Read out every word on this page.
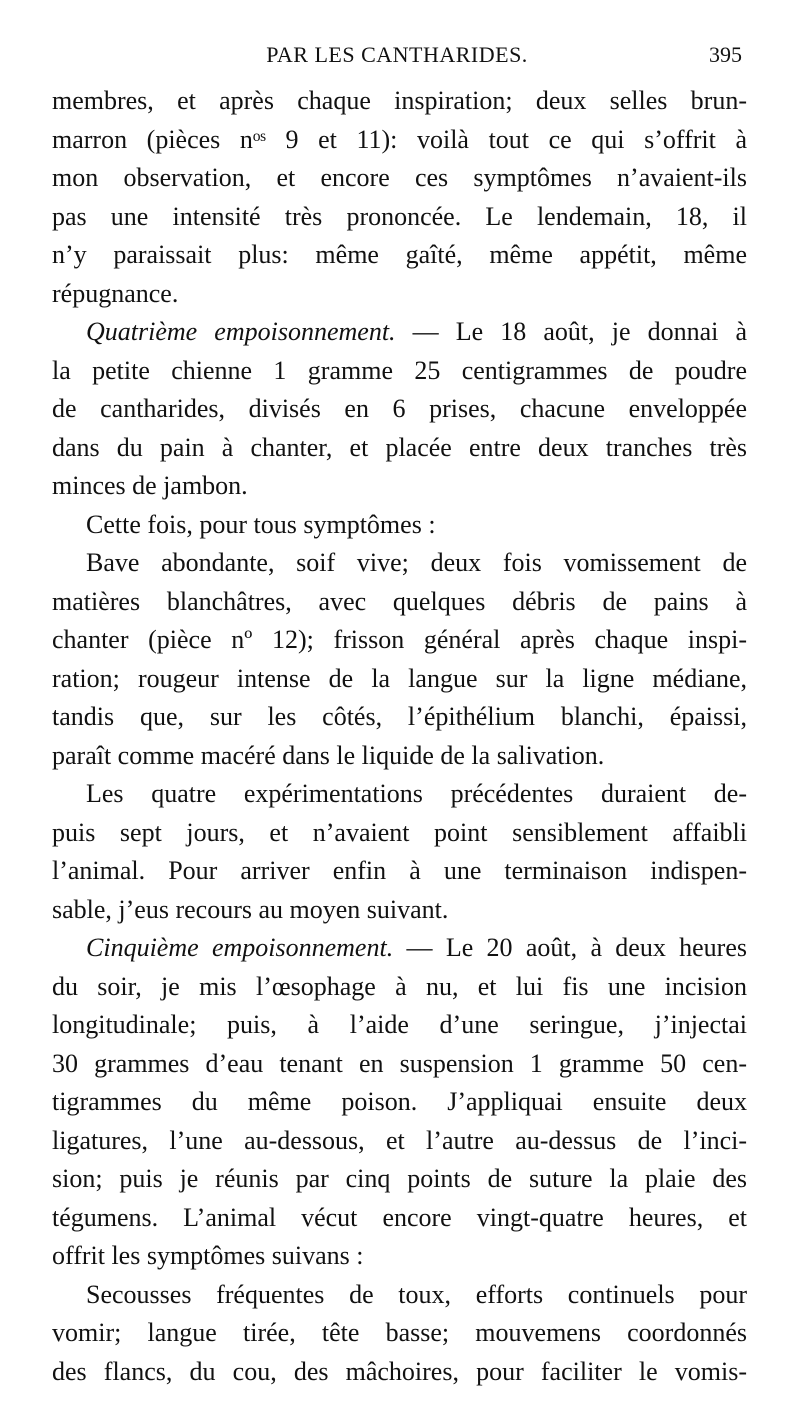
PAR LES CANTHARIDES.	395
membres, et après chaque inspiration; deux selles brun-
marron (pièces nᵒˢ 9 et 11): voilà tout ce qui s’offrit à
mon observation, et encore ces symptômes n’avaient-ils
pas une intensité très prononcée. Le lendemain, 18, il
n’y paraissait plus: même gaîté, même appétit, même
répugnance.
Quatrième empoisonnement. — Le 18 août, je donnai à
la petite chienne 1 gramme 25 centigrammes de poudre
de cantharides, divisés en 6 prises, chacune enveloppée
dans du pain à chanter, et placée entre deux tranches très
minces de jambon.
Cette fois, pour tous symptômes :
Bave abondante, soif vive; deux fois vomissement de
matières blanchâtres, avec quelques débris de pains à
chanter (pièce nº 12); frisson général après chaque inspi-
ration; rougeur intense de la langue sur la ligne médiane,
tandis que, sur les côtés, l’épithélium blanchi, épaissi,
paraît comme macéré dans le liquide de la salivation.
Les quatre expérimentations précédentes duraient de-
puis sept jours, et n’avaient point sensiblement affaibli
l’animal. Pour arriver enfin à une terminaison indispen-
sable, j’eus recours au moyen suivant.
Cinquième empoisonnement. — Le 20 août, à deux heures
du soir, je mis l’œsophage à nu, et lui fis une incision
longitudinale; puis, à l’aide d’une seringue, j’injectai
30 grammes d’eau tenant en suspension 1 gramme 50 cen-
tigrammes du même poison. J’appliquai ensuite deux
ligatures, l’une au-dessous, et l’autre au-dessus de l’inci-
sion; puis je réunis par cinq points de suture la plaie des
tégumens. L’animal vécut encore vingt-quatre heures, et
offrit les symptômes suivans :
Secousses fréquentes de toux, efforts continuels pour
vomir; langue tirée, tête basse; mouvemens coordonnés
des flancs, du cou, des mâchoires, pour faciliter le vomis-
